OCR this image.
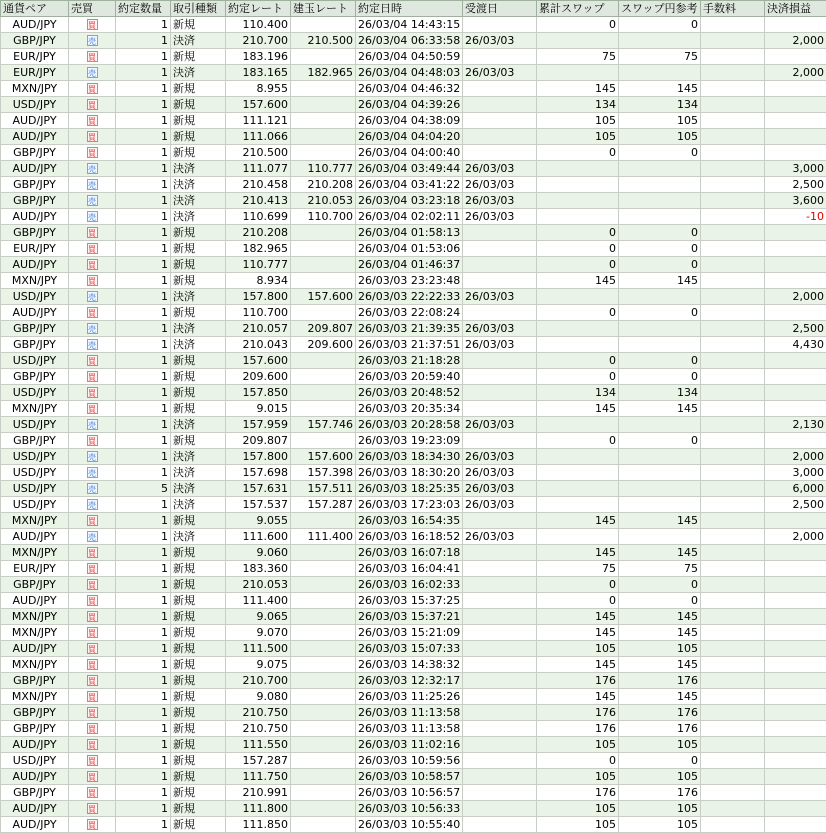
通貨ペア	売買	約定数量	取引種類	約定レート	建玉レート	約定日時	受渡日	累計スワップ	スワップ円参考	手数料	決済損益
AUD/JPY	買	1	新規	110.400		26/03/04 14:43:15		0	0		
GBP/JPY	売	1	決済	210.700	210.500	26/03/04 06:33:58	26/03/03				2,000
EUR/JPY	買	1	新規	183.196		26/03/04 04:50:59		75	75		
EUR/JPY	売	1	決済	183.165	182.965	26/03/04 04:48:03	26/03/03				2,000
MXN/JPY	買	1	新規	8.955		26/03/04 04:46:32		145	145		
USD/JPY	買	1	新規	157.600		26/03/04 04:39:26		134	134		
AUD/JPY	買	1	新規	111.121		26/03/04 04:38:09		105	105		
AUD/JPY	買	1	新規	111.066		26/03/04 04:04:20		105	105		
GBP/JPY	買	1	新規	210.500		26/03/04 04:00:40		0	0		
AUD/JPY	売	1	決済	111.077	110.777	26/03/04 03:49:44	26/03/03				3,000
GBP/JPY	売	1	決済	210.458	210.208	26/03/04 03:41:22	26/03/03				2,500
GBP/JPY	売	1	決済	210.413	210.053	26/03/04 03:23:18	26/03/03				3,600
AUD/JPY	売	1	決済	110.699	110.700	26/03/04 02:02:11	26/03/03				-10
GBP/JPY	買	1	新規	210.208		26/03/04 01:58:13		0	0		
EUR/JPY	買	1	新規	182.965		26/03/04 01:53:06		0	0		
AUD/JPY	買	1	新規	110.777		26/03/04 01:46:37		0	0		
MXN/JPY	買	1	新規	8.934		26/03/03 23:23:48		145	145		
USD/JPY	売	1	決済	157.800	157.600	26/03/03 22:22:33	26/03/03				2,000
AUD/JPY	買	1	新規	110.700		26/03/03 22:08:24		0	0		
GBP/JPY	売	1	決済	210.057	209.807	26/03/03 21:39:35	26/03/03				2,500
GBP/JPY	売	1	決済	210.043	209.600	26/03/03 21:37:51	26/03/03				4,430
USD/JPY	買	1	新規	157.600		26/03/03 21:18:28		0	0		
GBP/JPY	買	1	新規	209.600		26/03/03 20:59:40		0	0		
USD/JPY	買	1	新規	157.850		26/03/03 20:48:52		134	134		
MXN/JPY	買	1	新規	9.015		26/03/03 20:35:34		145	145		
USD/JPY	売	1	決済	157.959	157.746	26/03/03 20:28:58	26/03/03				2,130
GBP/JPY	買	1	新規	209.807		26/03/03 19:23:09		0	0		
USD/JPY	売	1	決済	157.800	157.600	26/03/03 18:34:30	26/03/03				2,000
USD/JPY	売	1	決済	157.698	157.398	26/03/03 18:30:20	26/03/03				3,000
USD/JPY	売	5	決済	157.631	157.511	26/03/03 18:25:35	26/03/03				6,000
USD/JPY	売	1	決済	157.537	157.287	26/03/03 17:23:03	26/03/03				2,500
MXN/JPY	買	1	新規	9.055		26/03/03 16:54:35		145	145		
AUD/JPY	売	1	決済	111.600	111.400	26/03/03 16:18:52	26/03/03				2,000
MXN/JPY	買	1	新規	9.060		26/03/03 16:07:18		145	145		
EUR/JPY	買	1	新規	183.360		26/03/03 16:04:41		75	75		
GBP/JPY	買	1	新規	210.053		26/03/03 16:02:33		0	0		
AUD/JPY	買	1	新規	111.400		26/03/03 15:37:25		0	0		
MXN/JPY	買	1	新規	9.065		26/03/03 15:37:21		145	145		
MXN/JPY	買	1	新規	9.070		26/03/03 15:21:09		145	145		
AUD/JPY	買	1	新規	111.500		26/03/03 15:07:33		105	105		
MXN/JPY	買	1	新規	9.075		26/03/03 14:38:32		145	145		
GBP/JPY	買	1	新規	210.700		26/03/03 12:32:17		176	176		
MXN/JPY	買	1	新規	9.080		26/03/03 11:25:26		145	145		
GBP/JPY	買	1	新規	210.750		26/03/03 11:13:58		176	176		
GBP/JPY	買	1	新規	210.750		26/03/03 11:13:58		176	176		
AUD/JPY	買	1	新規	111.550		26/03/03 11:02:16		105	105		
USD/JPY	買	1	新規	157.287		26/03/03 10:59:56		0	0		
AUD/JPY	買	1	新規	111.750		26/03/03 10:58:57		105	105		
GBP/JPY	買	1	新規	210.991		26/03/03 10:56:57		176	176		
AUD/JPY	買	1	新規	111.800		26/03/03 10:56:33		105	105		
AUD/JPY	買	1	新規	111.850		26/03/03 10:55:40		105	105		
